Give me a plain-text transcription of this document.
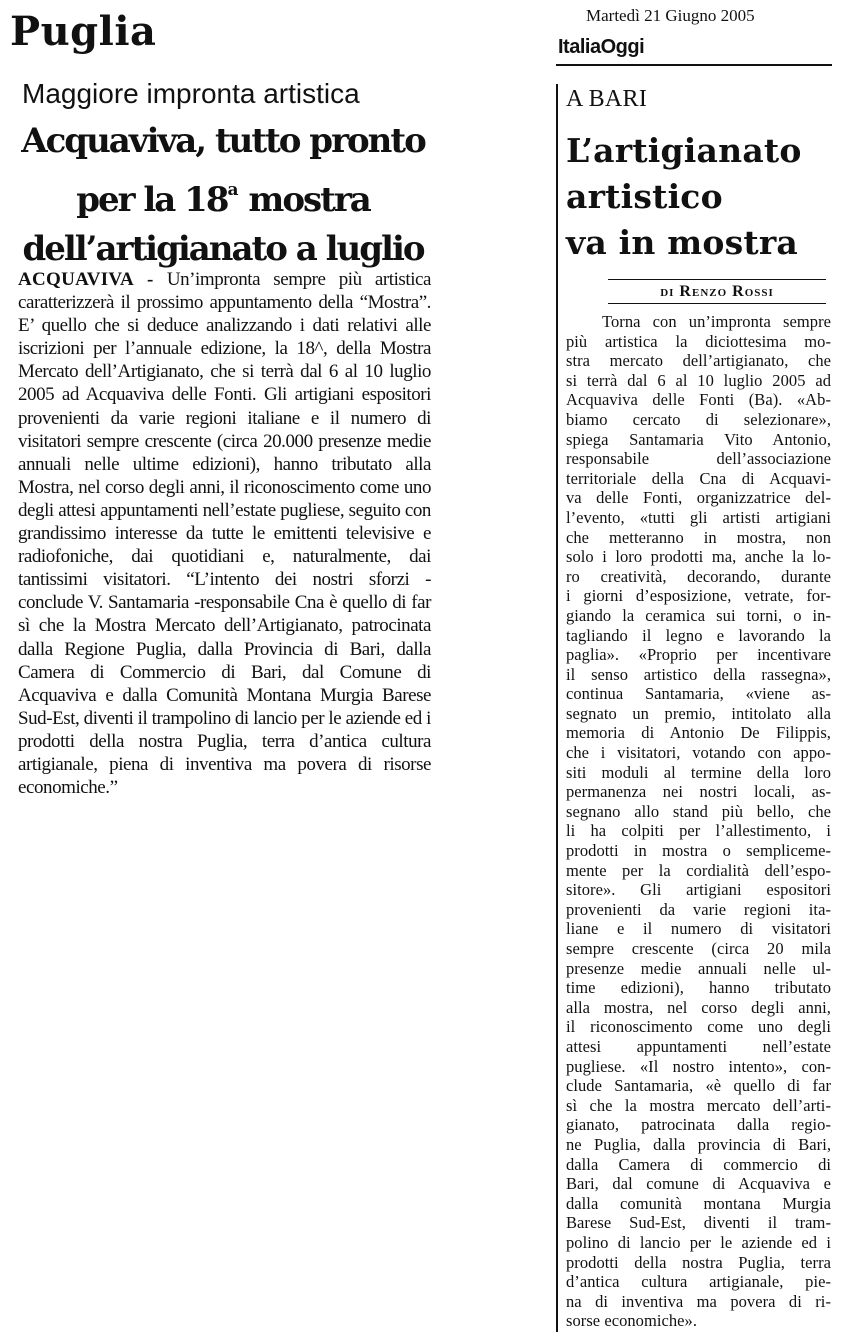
Puglia
Maggiore impronta artistica
Acquaviva, tutto pronto
per la 18$^a$ mostra
dell’artigianato a luglio

ACQUAVIVA - Un’impronta sempre più artistica caratterizzerà il prossimo appuntamento della “Mostra”. E’ quello che si deduce analizzando i dati relativi alle iscrizioni per l’annuale edizione, la 18^, della Mostra Mercato dell’Artigianato, che si terrà dal 6 al 10 luglio 2005 ad Acquaviva delle Fonti. Gli artigiani espositori provenienti da varie regioni italiane e il numero di visitatori sempre crescente (circa 20.000 presenze medie annuali nelle ultime edizioni), hanno tributato alla Mostra, nel corso degli anni, il riconoscimento come uno degli attesi appuntamenti nell’estate pugliese, seguito con grandissimo interesse da tutte le emittenti televisive e radiofoniche, dai quotidiani e, naturalmente, dai tantissimi visitatori. “L’intento dei nostri sforzi - conclude V. Santamaria -responsabile Cna è quello di far sì che la Mostra Mercato dell’Artigianato, patrocinata dalla Regione Puglia, dalla Provincia di Bari, dalla Camera di Commercio di Bari, dal Comune di Acquaviva e dalla Comunità Montana Murgia Barese Sud-Est, diventi il trampolino di lancio per le aziende ed i prodotti della nostra Puglia, terra d’antica cultura artigianale, piena di inventiva ma povera di risorse economiche.”

Martedì 21 Giugno 2005
ItaliaOggi
A BARI
L’artigianato
artistico
va in mostra
di Renzo Rossi
Torna con un’impronta sempre
più artistica la diciottesima mo-
stra mercato dell’artigianato, che
si terrà dal 6 al 10 luglio 2005 ad
Acquaviva delle Fonti (Ba). «Ab-
biamo cercato di selezionare»,
spiega Santamaria Vito Antonio,
responsabile dell’associazione
territoriale della Cna di Acquavi-
va delle Fonti, organizzatrice del-
l’evento, «tutti gli artisti artigiani
che metteranno in mostra, non
solo i loro prodotti ma, anche la lo-
ro creatività, decorando, durante
i giorni d’esposizione, vetrate, for-
giando la ceramica sui torni, o in-
tagliando il legno e lavorando la
paglia». «Proprio per incentivare
il senso artistico della rassegna»,
continua Santamaria, «viene as-
segnato un premio, intitolato alla
memoria di Antonio De Filippis,
che i visitatori, votando con appo-
siti moduli al termine della loro
permanenza nei nostri locali, as-
segnano allo stand più bello, che
li ha colpiti per l’allestimento, i
prodotti in mostra o sempliceme-
mente per la cordialità dell’espo-
sitore». Gli artigiani espositori
provenienti da varie regioni ita-
liane e il numero di visitatori
sempre crescente (circa 20 mila
presenze medie annuali nelle ul-
time edizioni), hanno tributato
alla mostra, nel corso degli anni,
il riconoscimento come uno degli
attesi appuntamenti nell’estate
pugliese. «Il nostro intento», con-
clude Santamaria, «è quello di far
sì che la mostra mercato dell’arti-
gianato, patrocinata dalla regio-
ne Puglia, dalla provincia di Bari,
dalla Camera di commercio di
Bari, dal comune di Acquaviva e
dalla comunità montana Murgia
Barese Sud-Est, diventi il tram-
polino di lancio per le aziende ed i
prodotti della nostra Puglia, terra
d’antica cultura artigianale, pie-
na di inventiva ma povera di ri-
sorse economiche».
